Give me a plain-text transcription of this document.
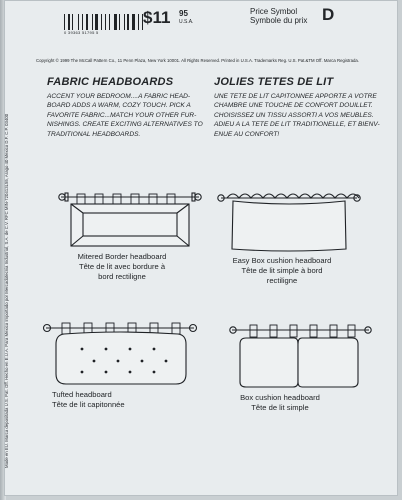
0 39363 51795 5
$11 95
U.S.A.
Price Symbol
Symbole du prix D
Copyright © 1999 The McCall Pattern Co., 11 Penn Plaza, New York 10001. All Rights Reserved. Printed in U.S.A. Trademarks Reg. U.S. Pat.&TM Off. Marca Registrada.
Made en EU. Marca depositada U.S. Pat. Off. Hecho en E.U.A. Para Mexico Importado por Mercadotecnia Industrial, S.A. de C.V. RFC MIN-720413L55, Arago 40 Mexico D.F. C.P. 03400
FABRIC HEADBOARDS	JOLIES TETES DE LIT
ACCENT YOUR BEDROOM....A FABRIC HEAD-
BOARD ADDS A WARM, COZY TOUCH. PICK A
FAVORITE FABRIC...MATCH YOUR OTHER FUR-
NISHINGS. CREATE EXCITING ALTERNATIVES TO
TRADITIONAL HEADBOARDS.
UNE TETE DE LIT CAPITONNEE APPORTE A VOTRE
CHAMBRE UNE TOUCHE DE CONFORT DOUILLET.
CHOISISSEZ UN TISSU ASSORTI A VOS MEUBLES.
ADIEU A LA TETE DE LIT TRADITIONELLE, ET BIENV-
ENUE AU CONFORT!
Mitered Border headboard
Tête de lit avec bordure à
bord rectiligne
Easy Box cushion headboard
Tête de lit simple à bord
rectiligne
Tufted headboard
Tête de lit capitonnée
Box cushion headboard
Tête de lit simple
